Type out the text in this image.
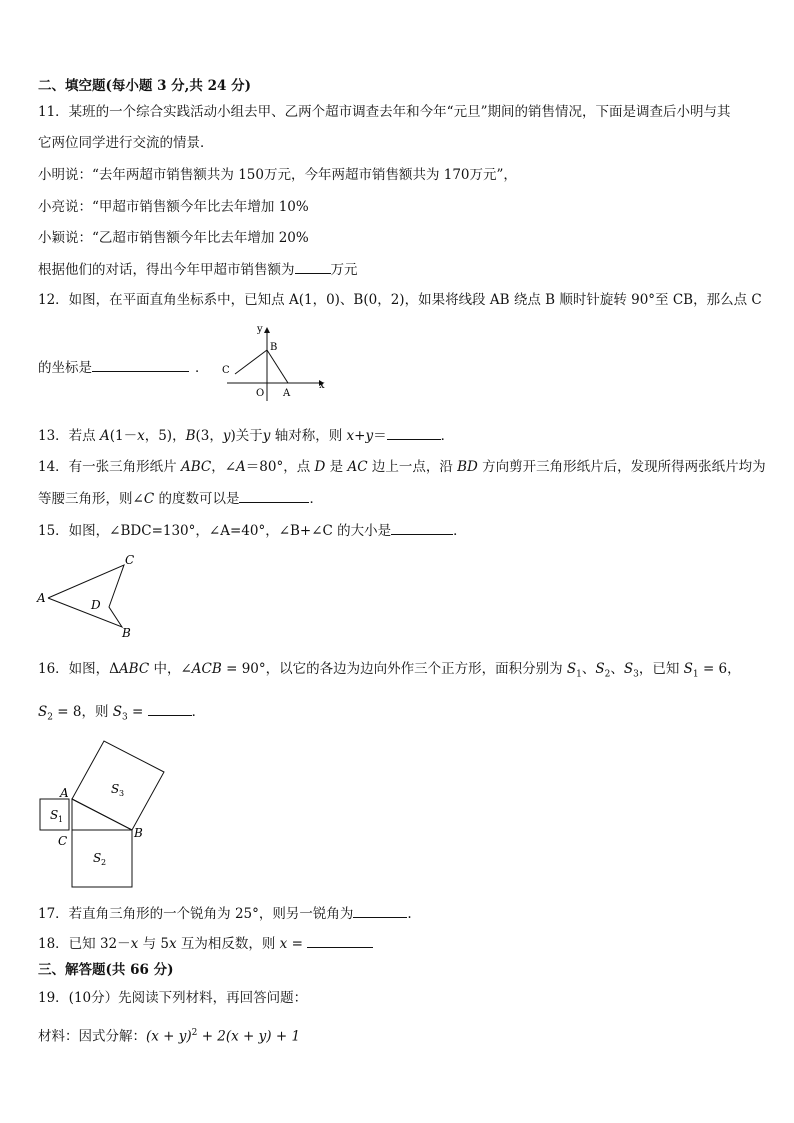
二、填空题(每小题 3 分,共 24 分)
11．某班的一个综合实践活动小组去甲、乙两个超市调查去年和今年“元旦”期间的销售情况，下面是调查后小明与其
它两位同学进行交流的情景．
小明说：“去年两超市销售额共为 150万元，今年两超市销售额共为 170万元”，
小亮说：“甲超市销售额今年比去年增加 10%
小颖说：“乙超市销售额今年比去年增加 20%
根据他们的对话，得出今年甲超市销售额为	万元
12．如图，在平面直角坐标系中，已知点 A(1，0)、B(0，2)，如果将线段 AB 绕点 B 顺时针旋转 90°至 CB，那么点 C
的坐标是	．
y
x
B
C
O A
13．若点 A(1－x，5)，B(3，y)关于y 轴对称，则 x+y＝	．
14．有一张三角形纸片 ABC，∠A＝80°，点 D 是 AC 边上一点，沿 BD 方向剪开三角形纸片后，发现所得两张纸片均为
等腰三角形，则∠C 的度数可以是	．
15．如图，∠BDC=130°，∠A=40°，∠B+∠C 的大小是	．
A
C
D
B
16．如图，ΔABC 中，∠ACB = 90°，以它的各边为边向外作三个正方形，面积分别为 $S_1$、$S_2$、$S_3$，已知 $S_1 = 6$，
$S_2 = 8$，则 $S_3$ =	．
A
C
B
S 1
S 3
S 2
17．若直角三角形的一个锐角为 25°，则另一锐角为	.
18．已知 32－x 与 5x 互为相反数，则 x =
三、解答题(共 66 分)
19．(10分）先阅读下列材料，再回答问题：
材料：因式分解：$(x + y)^2 + 2(x + y) + 1$
